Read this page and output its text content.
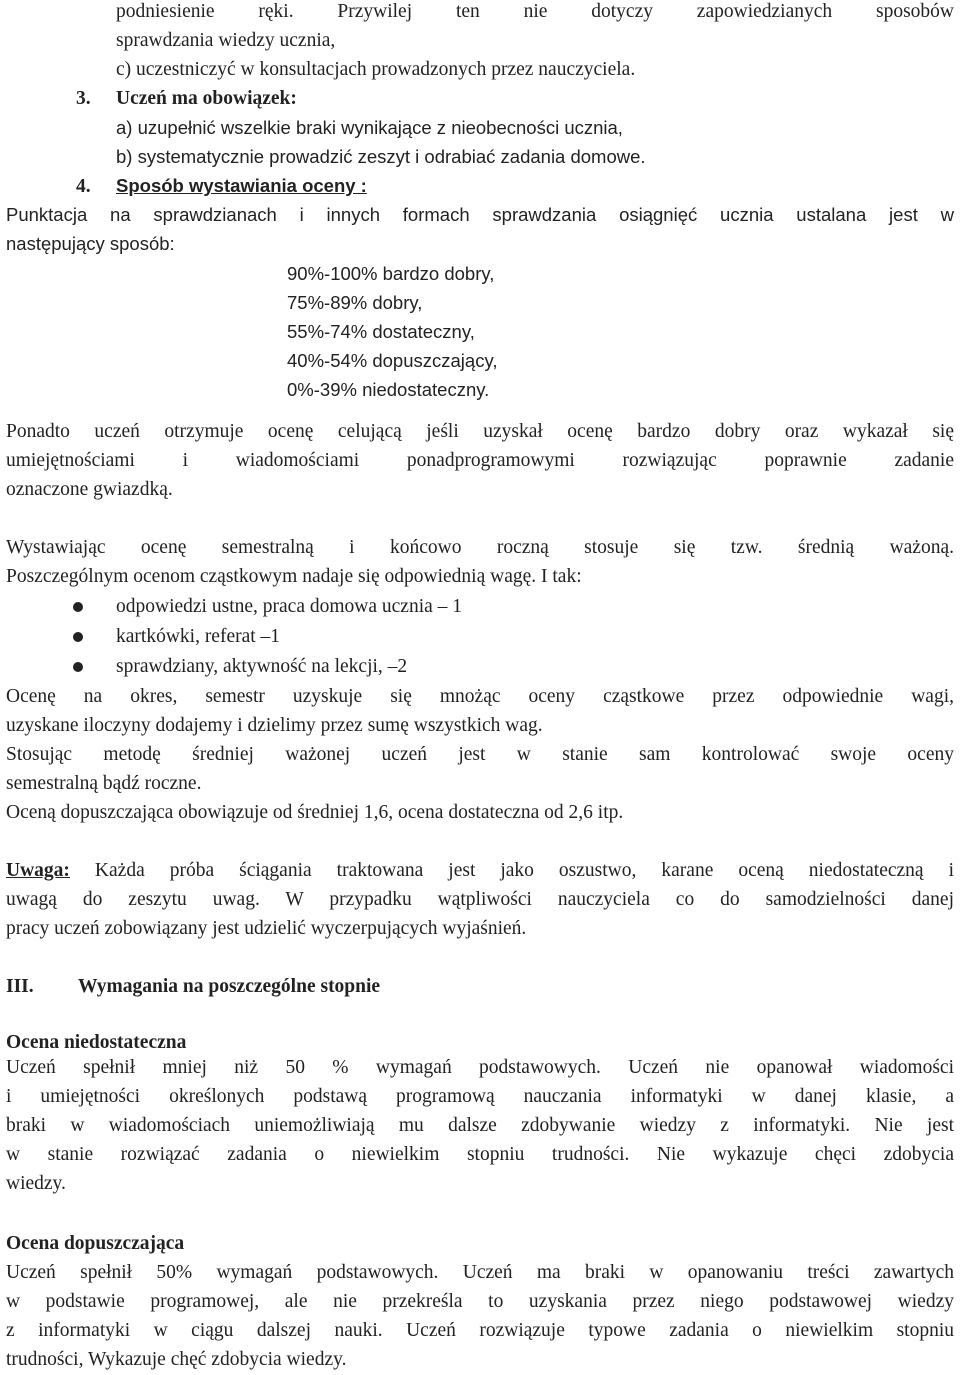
podniesienie ręki. Przywilej ten nie dotyczy zapowiedzianych sposobów
sprawdzania wiedzy ucznia,
c) uczestniczyć w konsultacjach prowadzonych przez nauczyciela.
3. Uczeń ma obowiązek:
a) uzupełnić wszelkie braki wynikające z nieobecności ucznia,
b) systematycznie prowadzić zeszyt i odrabiać zadania domowe.
4. Sposób wystawiania oceny :
Punktacja na sprawdzianach i innych formach sprawdzania osiągnięć ucznia ustalana jest w
następujący sposób:
90%-100% bardzo dobry,
75%-89% dobry,
55%-74% dostateczny,
40%-54% dopuszczający,
0%-39% niedostateczny.
Ponadto uczeń otrzymuje ocenę celującą jeśli uzyskał ocenę bardzo dobry oraz wykazał się
umiejętnościami i wiadomościami ponadprogramowymi rozwiązując poprawnie zadanie
oznaczone gwiazdką.
Wystawiając ocenę semestralną i końcowo roczną stosuje się tzw. średnią ważoną.
Poszczególnym ocenom cząstkowym nadaje się odpowiednią wagę. I tak:
odpowiedzi ustne, praca domowa ucznia – 1
kartkówki, referat –1
sprawdziany, aktywność na lekcji, –2
Ocenę na okres, semestr uzyskuje się mnożąc oceny cząstkowe przez odpowiednie wagi,
uzyskane iloczyny dodajemy i dzielimy przez sumę wszystkich wag.
Stosując metodę średniej ważonej uczeń jest w stanie sam kontrolować swoje oceny
semestralną bądź roczne.
Oceną dopuszczająca obowiązuje od średniej 1,6, ocena dostateczna od 2,6 itp.
Uwaga: Każda próba ściągania traktowana jest jako oszustwo, karane oceną niedostateczną i
uwagą do zeszytu uwag. W przypadku wątpliwości nauczyciela co do samodzielności danej
pracy uczeń zobowiązany jest udzielić wyczerpujących wyjaśnień.
III. Wymagania na poszczególne stopnie
Ocena niedostateczna
Uczeń spełnił mniej niż 50 % wymagań podstawowych. Uczeń nie opanował wiadomości
i umiejętności określonych podstawą programową nauczania informatyki w danej klasie, a
braki w wiadomościach uniemożliwiają mu dalsze zdobywanie wiedzy z informatyki. Nie jest
w stanie rozwiązać zadania o niewielkim stopniu trudności. Nie wykazuje chęci zdobycia
wiedzy.
Ocena dopuszczająca
Uczeń spełnił 50% wymagań podstawowych. Uczeń ma braki w opanowaniu treści zawartych
w podstawie programowej, ale nie przekreśla to uzyskania przez niego podstawowej wiedzy
z informatyki w ciągu dalszej nauki. Uczeń rozwiązuje typowe zadania o niewielkim stopniu
trudności, Wykazuje chęć zdobycia wiedzy.
